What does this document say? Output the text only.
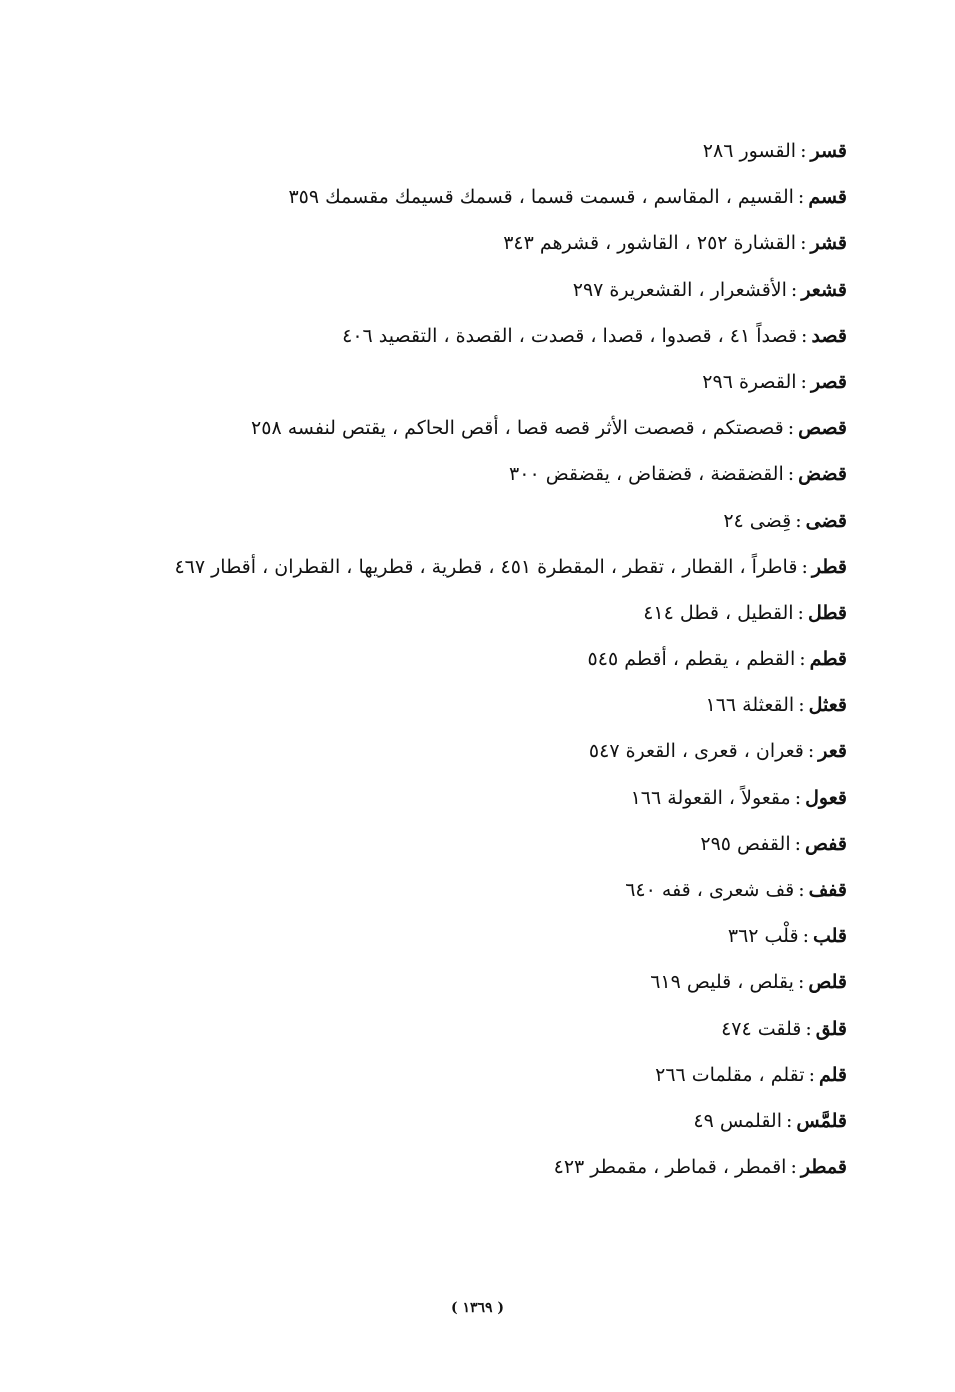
قسر:القسور ٢٨٦
قسم:القسيم ، المقاسم ، قسمت قسما ، قسمك قسيمك مقسمك ٣٥٩
قشر:القشارة ٢٥٢ ، القاشور ، قشرهم ٣٤٣
قشعر:الأقشعرار ، القشعريرة ٢٩٧
قصد:قصداً ٤١ ، قصدوا ، قصدا ، قصدت ، القصدة ، التقصيد ٤٠٦
قصر:القصرة ٢٩٦
قصص:قصصتكم ، قصصت الأثر قصه قصا ، أقص الحاكم ، يقتص لنفسه ٢٥٨
قضض:القضقضة ، قضقاض ، يقضقض ٣٠٠
قضى:قِضى ٢٤
قطر:قاطراً ، القطار ، تقطر ، المقطرة ٤٥١ ، قطرية ، قطريها ، القطران ، أقطار ٤٦٧
قطل:القطيل ، قطل ٤١٤
قطم:القطم ، يقطم ، أقطم ٥٤٥
قعثل:القعثلة ١٦٦
قعر:قعران ، قعرى ، القعرة ٥٤٧
قعول:مقعولاً ، القعولة ١٦٦
قفص:القفص ٢٩٥
قفف:قف شعرى ، قفه ٦٤٠
قلب:قلْب ٣٦٢
قلص:يقلص ، قليص ٦١٩
قلق:قلقت ٤٧٤
قلم:تقلم ، مقلمات ٢٦٦
قلمَّس:القلمس ٤٩
قمطر:اقمطر ، قماطر ، مقمطر ٤٢٣
( ١٣٦٩ )
